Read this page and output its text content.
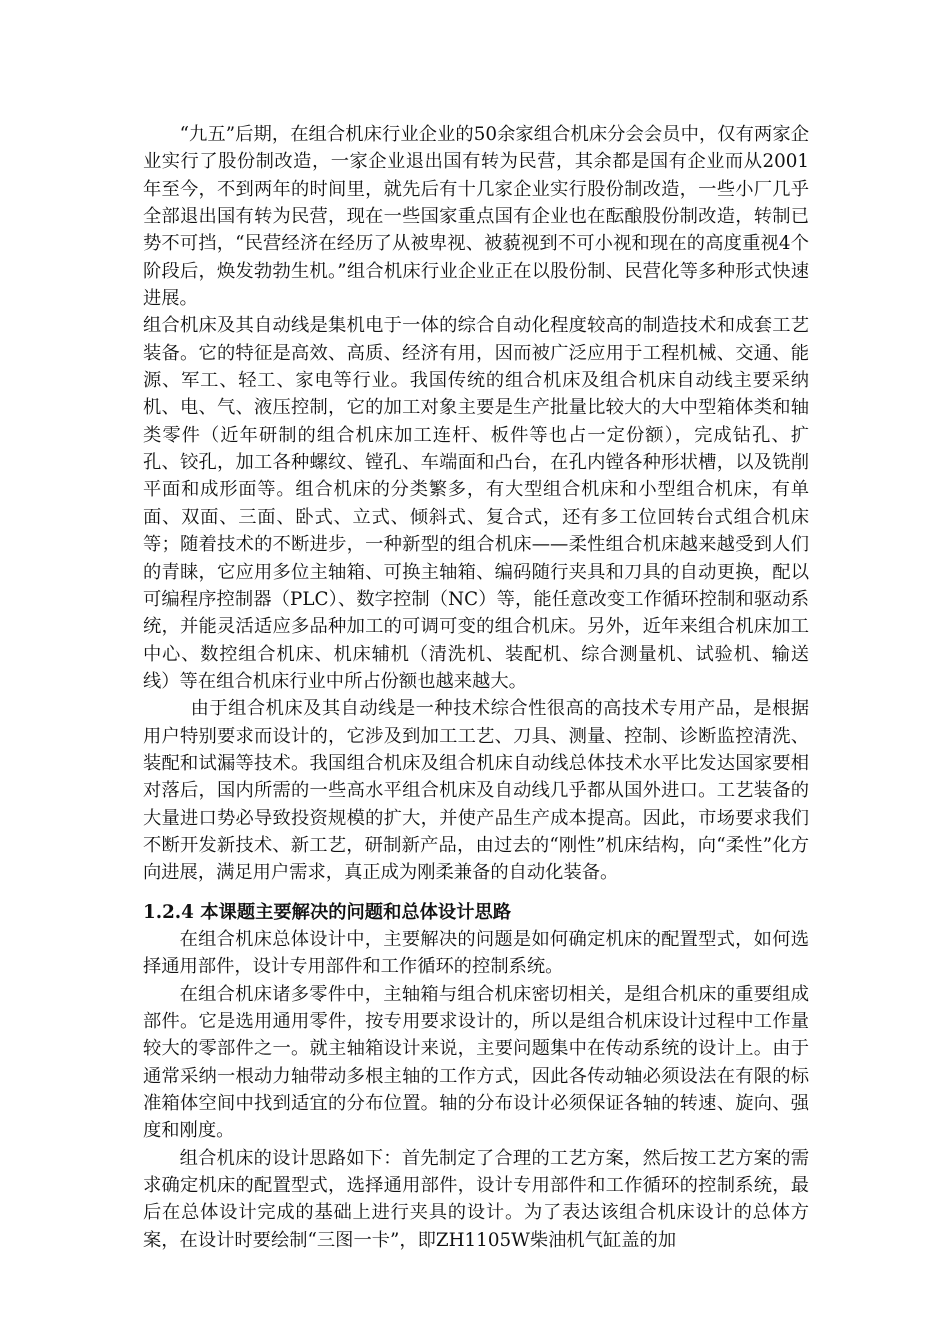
“九五”后期，在组合机床行业企业的50余家组合机床分会会员中，仅有两家企业实行了股份制改造，一家企业退出国有转为民营，其余都是国有企业而从2001年至今，不到两年的时间里，就先后有十几家企业实行股份制改造，一些小厂几乎全部退出国有转为民营，现在一些国家重点国有企业也在酝酿股份制改造，转制已势不可挡，“民营经济在经历了从被卑视、被藐视到不可小视和现在的高度重视4个阶段后，焕发勃勃生机。”组合机床行业企业正在以股份制、民营化等多种形式快速进展。

组合机床及其自动线是集机电于一体的综合自动化程度较高的制造技术和成套工艺装备。它的特征是高效、高质、经济有用，因而被广泛应用于工程机械、交通、能源、军工、轻工、家电等行业。我国传统的组合机床及组合机床自动线主要采纳机、电、气、液压控制，它的加工对象主要是生产批量比较大的大中型箱体类和轴类零件（近年研制的组合机床加工连杆、板件等也占一定份额），完成钻孔、扩孔、铰孔，加工各种螺纹、镗孔、车端面和凸台，在孔内镗各种形状槽，以及铣削平面和成形面等。组合机床的分类繁多，有大型组合机床和小型组合机床，有单面、双面、三面、卧式、立式、倾斜式、复合式，还有多工位回转台式组合机床等；随着技术的不断进步，一种新型的组合机床——柔性组合机床越来越受到人们的青睐，它应用多位主轴箱、可换主轴箱、编码随行夹具和刀具的自动更换，配以可编程序控制器（PLC）、数字控制（NC）等，能任意改变工作循环控制和驱动系统，并能灵活适应多品种加工的可调可变的组合机床。另外，近年来组合机床加工中心、数控组合机床、机床辅机（清洗机、装配机、综合测量机、试验机、输送线）等在组合机床行业中所占份额也越来越大。

由于组合机床及其自动线是一种技术综合性很高的高技术专用产品，是根据用户特别要求而设计的，它涉及到加工工艺、刀具、测量、控制、诊断监控清洗、装配和试漏等技术。我国组合机床及组合机床自动线总体技术水平比发达国家要相对落后，国内所需的一些高水平组合机床及自动线几乎都从国外进口。工艺装备的大量进口势必导致投资规模的扩大，并使产品生产成本提高。因此，市场要求我们不断开发新技术、新工艺，研制新产品，由过去的“刚性”机床结构，向“柔性”化方向进展，满足用户需求，真正成为刚柔兼备的自动化装备。

1.2.4 本课题主要解决的问题和总体设计思路

在组合机床总体设计中，主要解决的问题是如何确定机床的配置型式，如何选择通用部件，设计专用部件和工作循环的控制系统。

在组合机床诸多零件中，主轴箱与组合机床密切相关，是组合机床的重要组成部件。它是选用通用零件，按专用要求设计的，所以是组合机床设计过程中工作量较大的零部件之一。就主轴箱设计来说，主要问题集中在传动系统的设计上。由于通常采纳一根动力轴带动多根主轴的工作方式，因此各传动轴必须设法在有限的标准箱体空间中找到适宜的分布位置。轴的分布设计必须保证各轴的转速、旋向、强度和刚度。

组合机床的设计思路如下：首先制定了合理的工艺方案，然后按工艺方案的需求确定机床的配置型式，选择通用部件，设计专用部件和工作循环的控制系统，最后在总体设计完成的基础上进行夹具的设计。为了表达该组合机床设计的总体方案，在设计时要绘制“三图一卡”，即ZH1105W柴油机气缸盖的加
